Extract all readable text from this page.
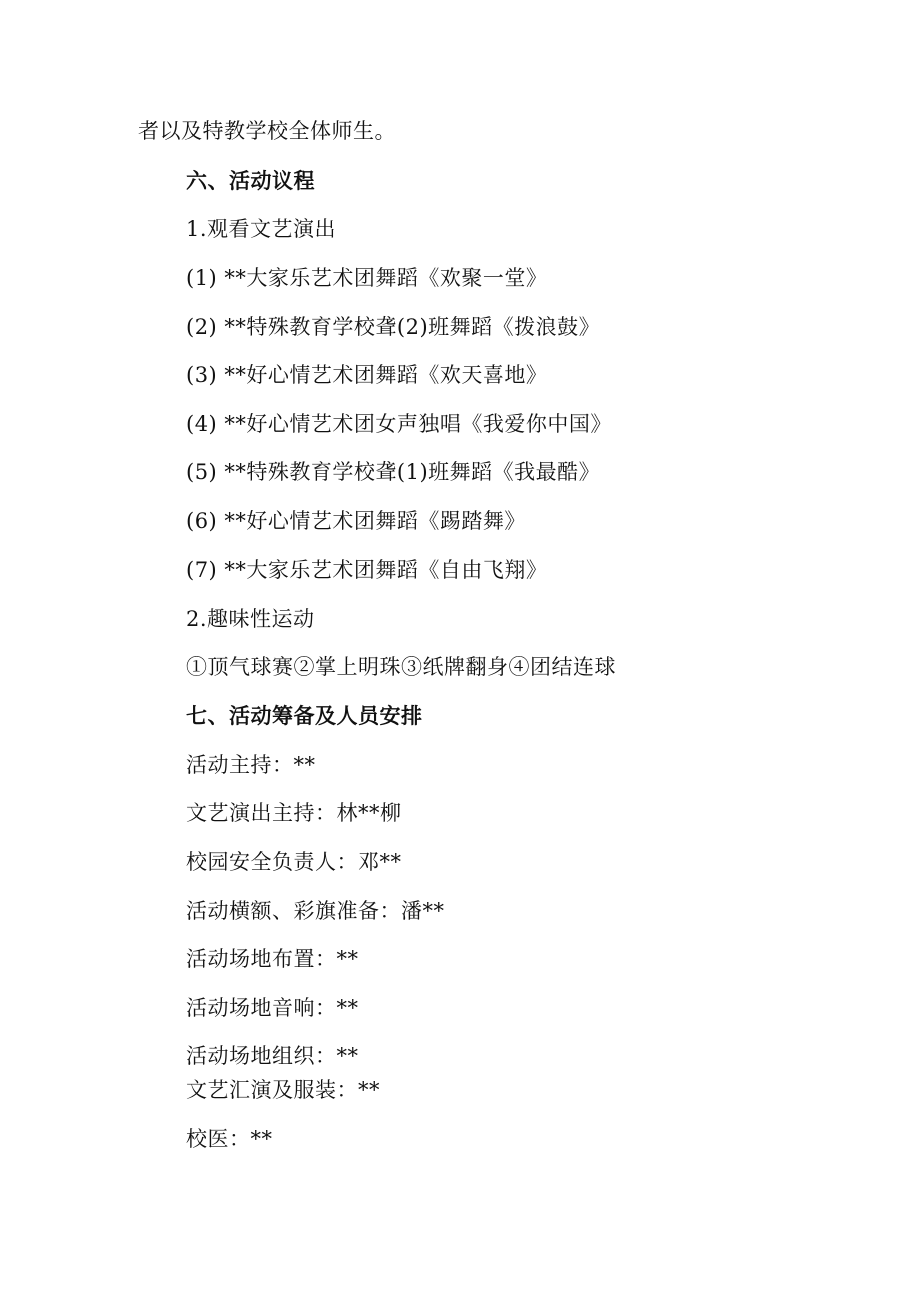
者以及特教学校全体师生。
六、活动议程
1.观看文艺演出
(1) **大家乐艺术团舞蹈《欢聚一堂》
(2) **特殊教育学校聋(2)班舞蹈《拨浪鼓》
(3) **好心情艺术团舞蹈《欢天喜地》
(4) **好心情艺术团女声独唱《我爱你中国》
(5) **特殊教育学校聋(1)班舞蹈《我最酷》
(6) **好心情艺术团舞蹈《踢踏舞》
(7) **大家乐艺术团舞蹈《自由飞翔》
2.趣味性运动
①顶气球赛②掌上明珠③纸牌翻身④团结连球
七、活动筹备及人员安排
活动主持：**
文艺演出主持：林**柳
校园安全负责人：邓**
活动横额、彩旗准备：潘**
活动场地布置：**
活动场地音响：**
活动场地组织：**
文艺汇演及服装：**
校医：**
